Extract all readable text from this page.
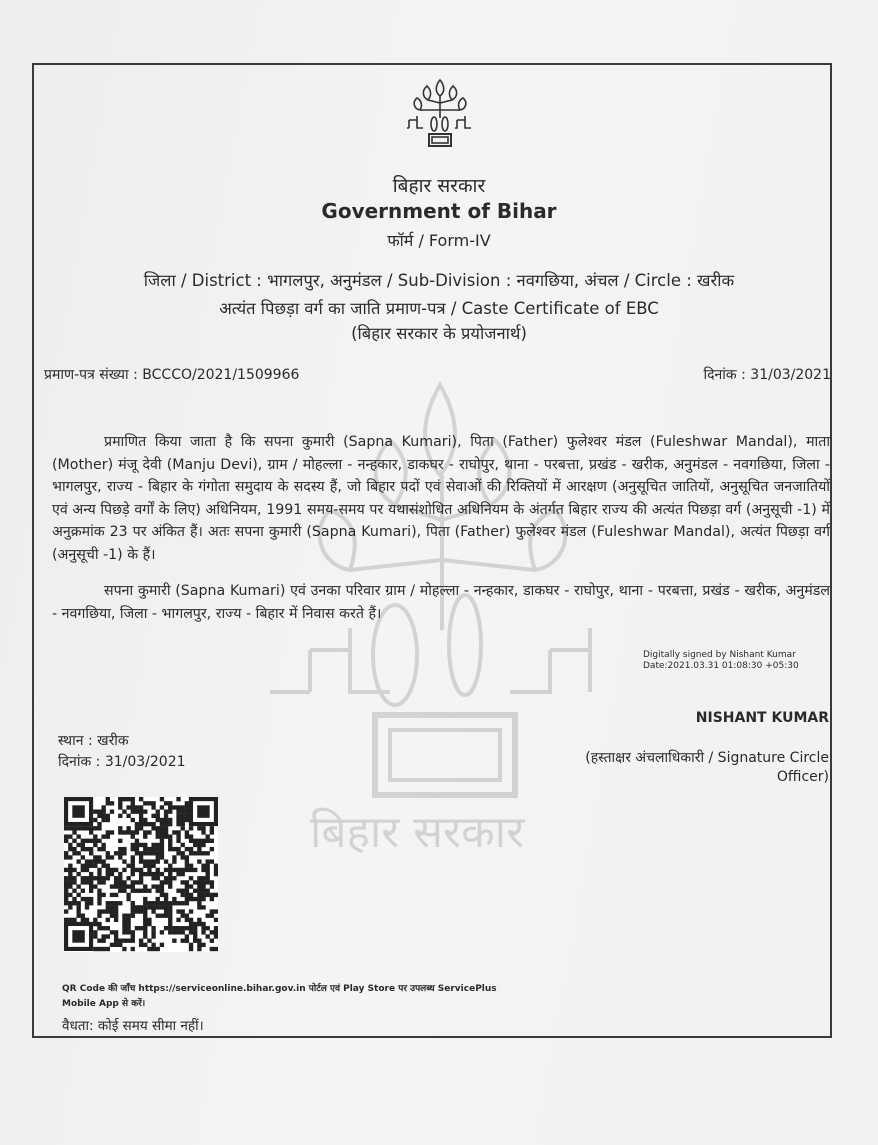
बिहार सरकार
बिहार सरकार
Government of Bihar
फॉर्म / Form-IV
जिला / District : भागलपुर, अनुमंडल / Sub-Division : नवगछिया, अंचल / Circle : खरीक
अत्यंत पिछड़ा वर्ग का जाति प्रमाण-पत्र / Caste Certificate of EBC
(बिहार सरकार के प्रयोजनार्थ)
प्रमाण-पत्र संख्या : BCCCO/2021/1509966	दिनांक : 31/03/2021

प्रमाणित किया जाता है कि सपना कुमारी (Sapna Kumari), पिता (Father) फुलेश्वर मंडल (Fuleshwar Mandal), माता (Mother) मंजू देवी (Manju Devi), ग्राम / मोहल्ला - नन्हकार, डाकघर - राघोपुर, थाना - परबत्ता, प्रखंड - खरीक, अनुमंडल - नवगछिया, जिला - भागलपुर, राज्य - बिहार के गंगोता समुदाय के सदस्य हैं, जो बिहार पदों एवं सेवाओं की रिक्तियों में आरक्षण (अनुसूचित जातियों, अनुसूचित जनजातियों एवं अन्य पिछड़े वर्गों के लिए) अधिनियम, 1991 समय-समय पर यथासंशोधित अधिनियम के अंतर्गत बिहार राज्य की अत्यंत पिछड़ा वर्ग (अनुसूची -1) में अनुक्रमांक 23 पर अंकित हैं। अतः सपना कुमारी (Sapna Kumari), पिता (Father) फुलेश्वर मंडल (Fuleshwar Mandal), अत्यंत पिछड़ा वर्ग (अनुसूची -1) के हैं।

सपना कुमारी (Sapna Kumari) एवं उनका परिवार ग्राम / मोहल्ला - नन्हकार, डाकघर - राघोपुर, थाना - परबत्ता, प्रखंड - खरीक, अनुमंडल - नवगछिया, जिला - भागलपुर, राज्य - बिहार में निवास करते हैं।

Digitally signed by Nishant Kumar
Date:2021.03.31 01:08:30 +05:30
NISHANT KUMAR
(हस्ताक्षर अंचलाधिकारी / Signature Circle
Officer)
स्थान : खरीक
दिनांक : 31/03/2021
QR Code की जाँच https://serviceonline.bihar.gov.in पोर्टल एवं Play Store पर उपलब्ध ServicePlus
Mobile App से करें।
वैधता: कोई समय सीमा नहीं।
